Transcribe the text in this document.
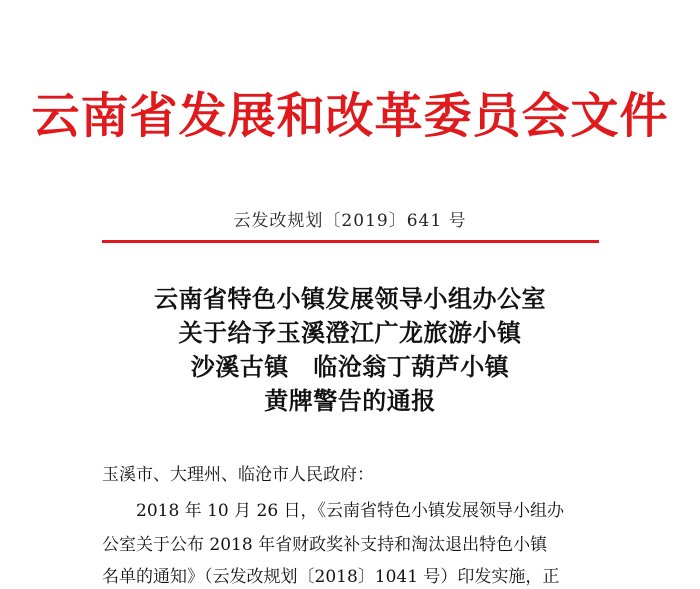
云南省发展和改革委员会文件
云发改规划〔2019〕641 号
云南省特色小镇发展领导小组办公室
关于给予玉溪澄江广龙旅游小镇
沙溪古镇　临沧翁丁葫芦小镇
黄牌警告的通报
玉溪市、大理州、临沧市人民政府：
2018 年 10 月 26 日，《云南省特色小镇发展领导小组办
公室关于公布 2018 年省财政奖补支持和淘汰退出特色小镇
名单的通知》（云发改规划〔2018〕1041 号）印发实施，正
